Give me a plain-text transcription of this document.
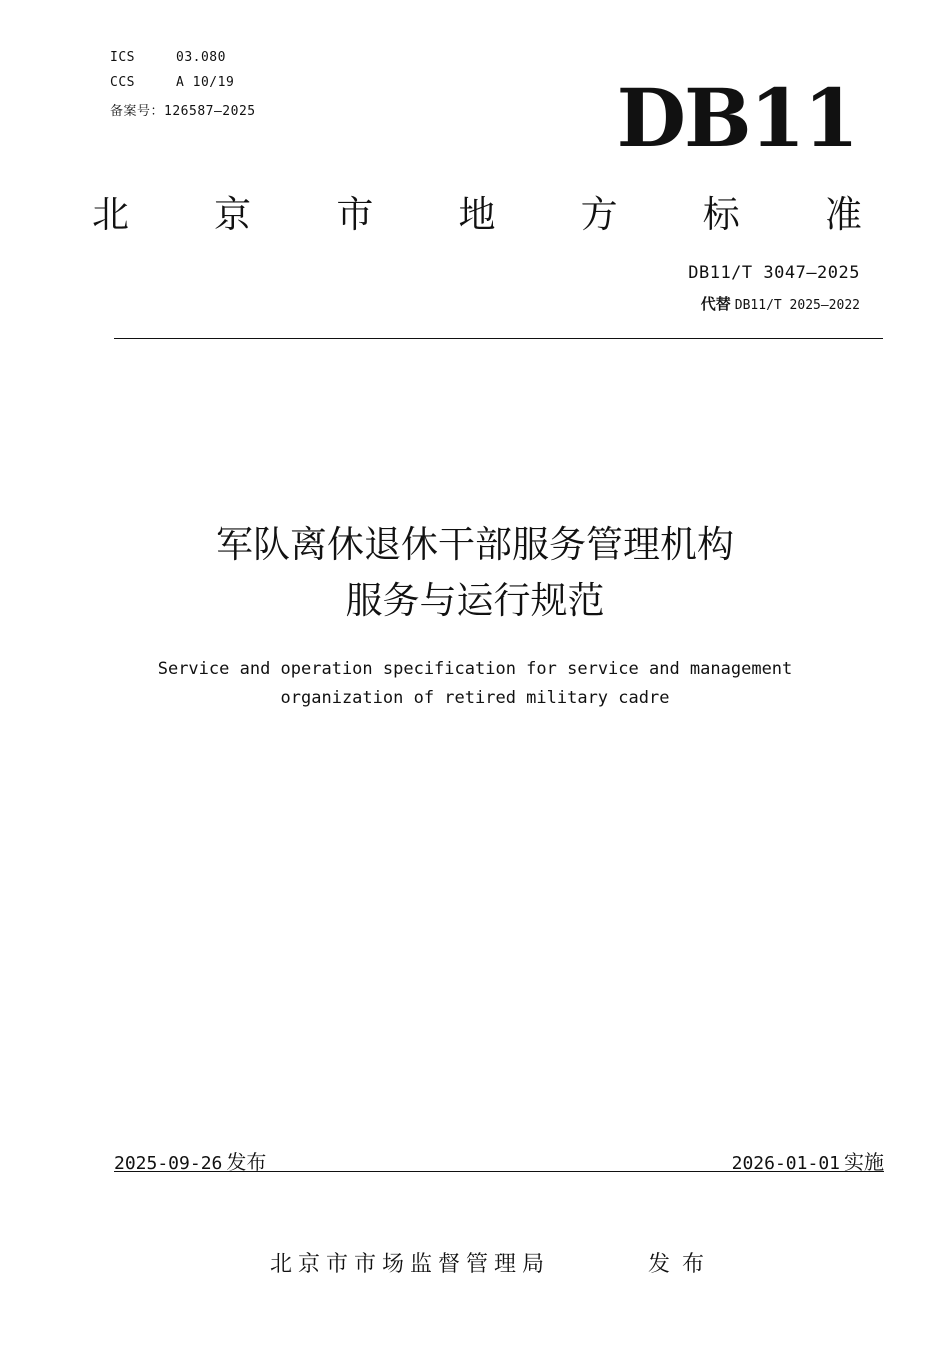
ICS	03.080
CCS	A 10/19
备案号：126587—2025	DB11
北 京 市 地 方 标 准
DB11/T 3047—2025
代替 DB11/T 2025—2022
军队离休退休干部服务管理机构
服务与运行规范
Service and operation specification for service and management
organization of retired military cadre
2025-09-26 发布	2026-01-01 实施
北京市市场监督管理局	发布
